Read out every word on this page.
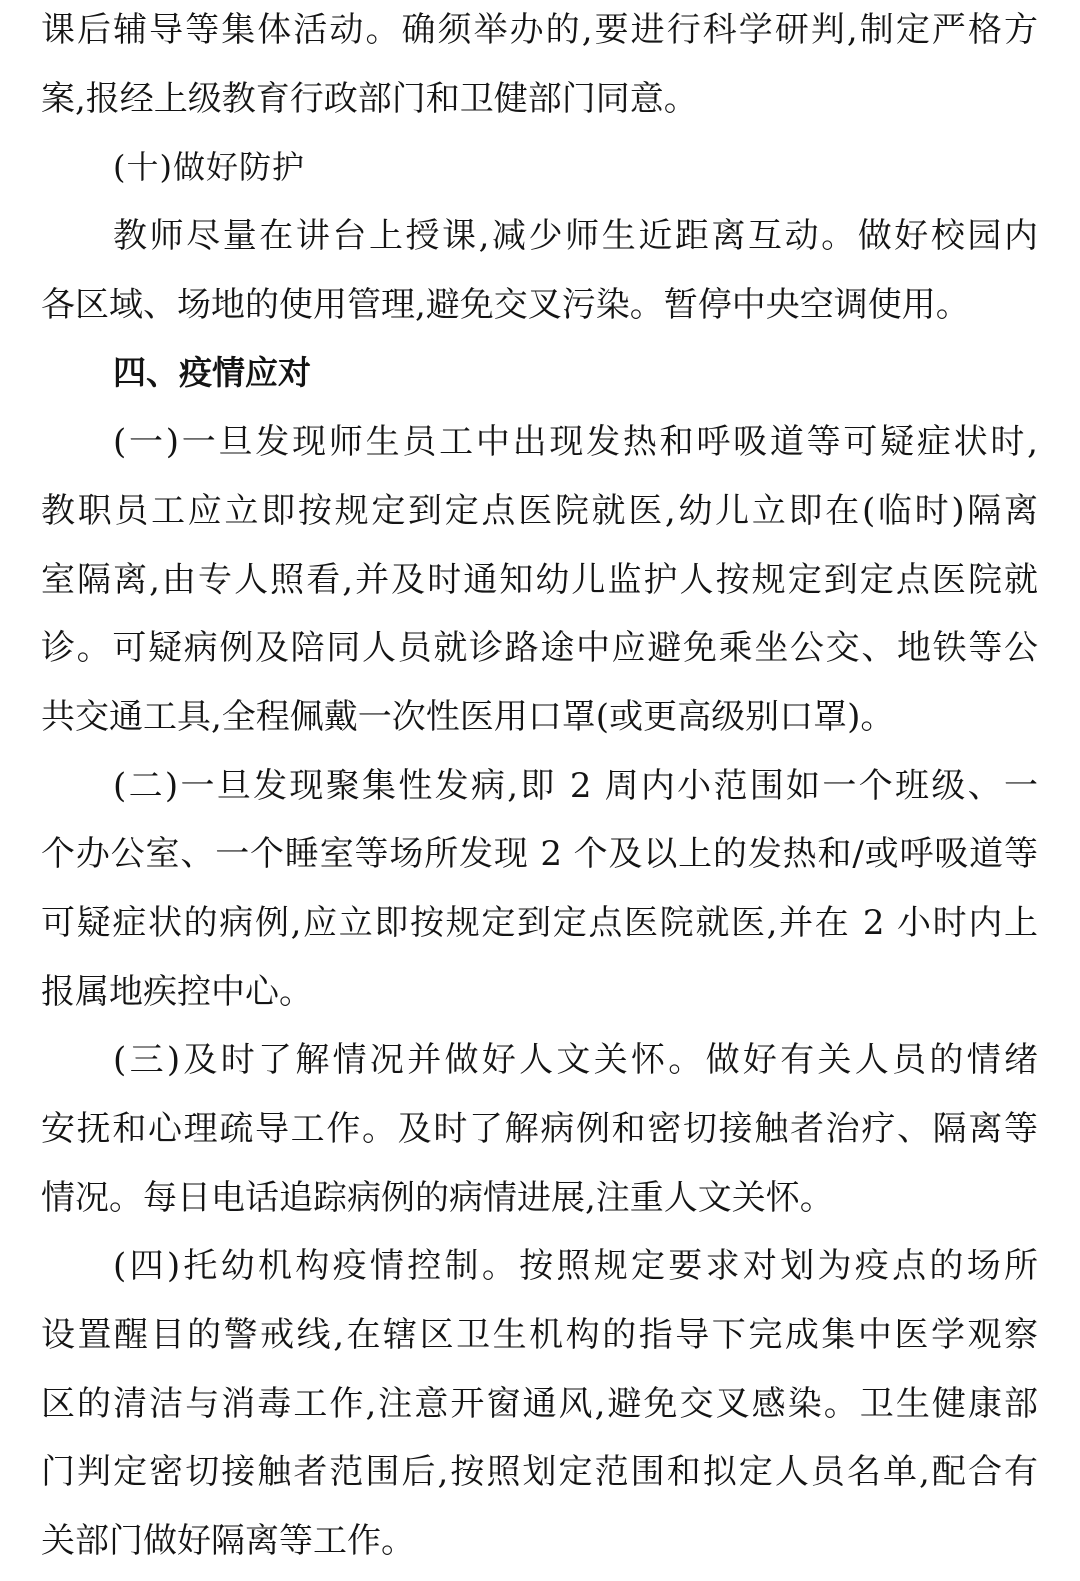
课后辅导等集体活动。确须举办的,要进行科学研判,制定严格方
案,报经上级教育行政部门和卫健部门同意。
(十)做好防护
教师尽量在讲台上授课,减少师生近距离互动。做好校园内
各区域、场地的使用管理,避免交叉污染。暂停中央空调使用。
四、疫情应对
(一)一旦发现师生员工中出现发热和呼吸道等可疑症状时,
教职员工应立即按规定到定点医院就医,幼儿立即在(临时)隔离
室隔离,由专人照看,并及时通知幼儿监护人按规定到定点医院就
诊。可疑病例及陪同人员就诊路途中应避免乘坐公交、地铁等公
共交通工具,全程佩戴一次性医用口罩(或更高级别口罩)。
(二)一旦发现聚集性发病,即 2 周内小范围如一个班级、一
个办公室、一个睡室等场所发现 2 个及以上的发热和/或呼吸道等
可疑症状的病例,应立即按规定到定点医院就医,并在 2 小时内上
报属地疾控中心。
(三)及时了解情况并做好人文关怀。做好有关人员的情绪
安抚和心理疏导工作。及时了解病例和密切接触者治疗、隔离等
情况。每日电话追踪病例的病情进展,注重人文关怀。
(四)托幼机构疫情控制。按照规定要求对划为疫点的场所
设置醒目的警戒线,在辖区卫生机构的指导下完成集中医学观察
区的清洁与消毒工作,注意开窗通风,避免交叉感染。卫生健康部
门判定密切接触者范围后,按照划定范围和拟定人员名单,配合有
关部门做好隔离等工作。
